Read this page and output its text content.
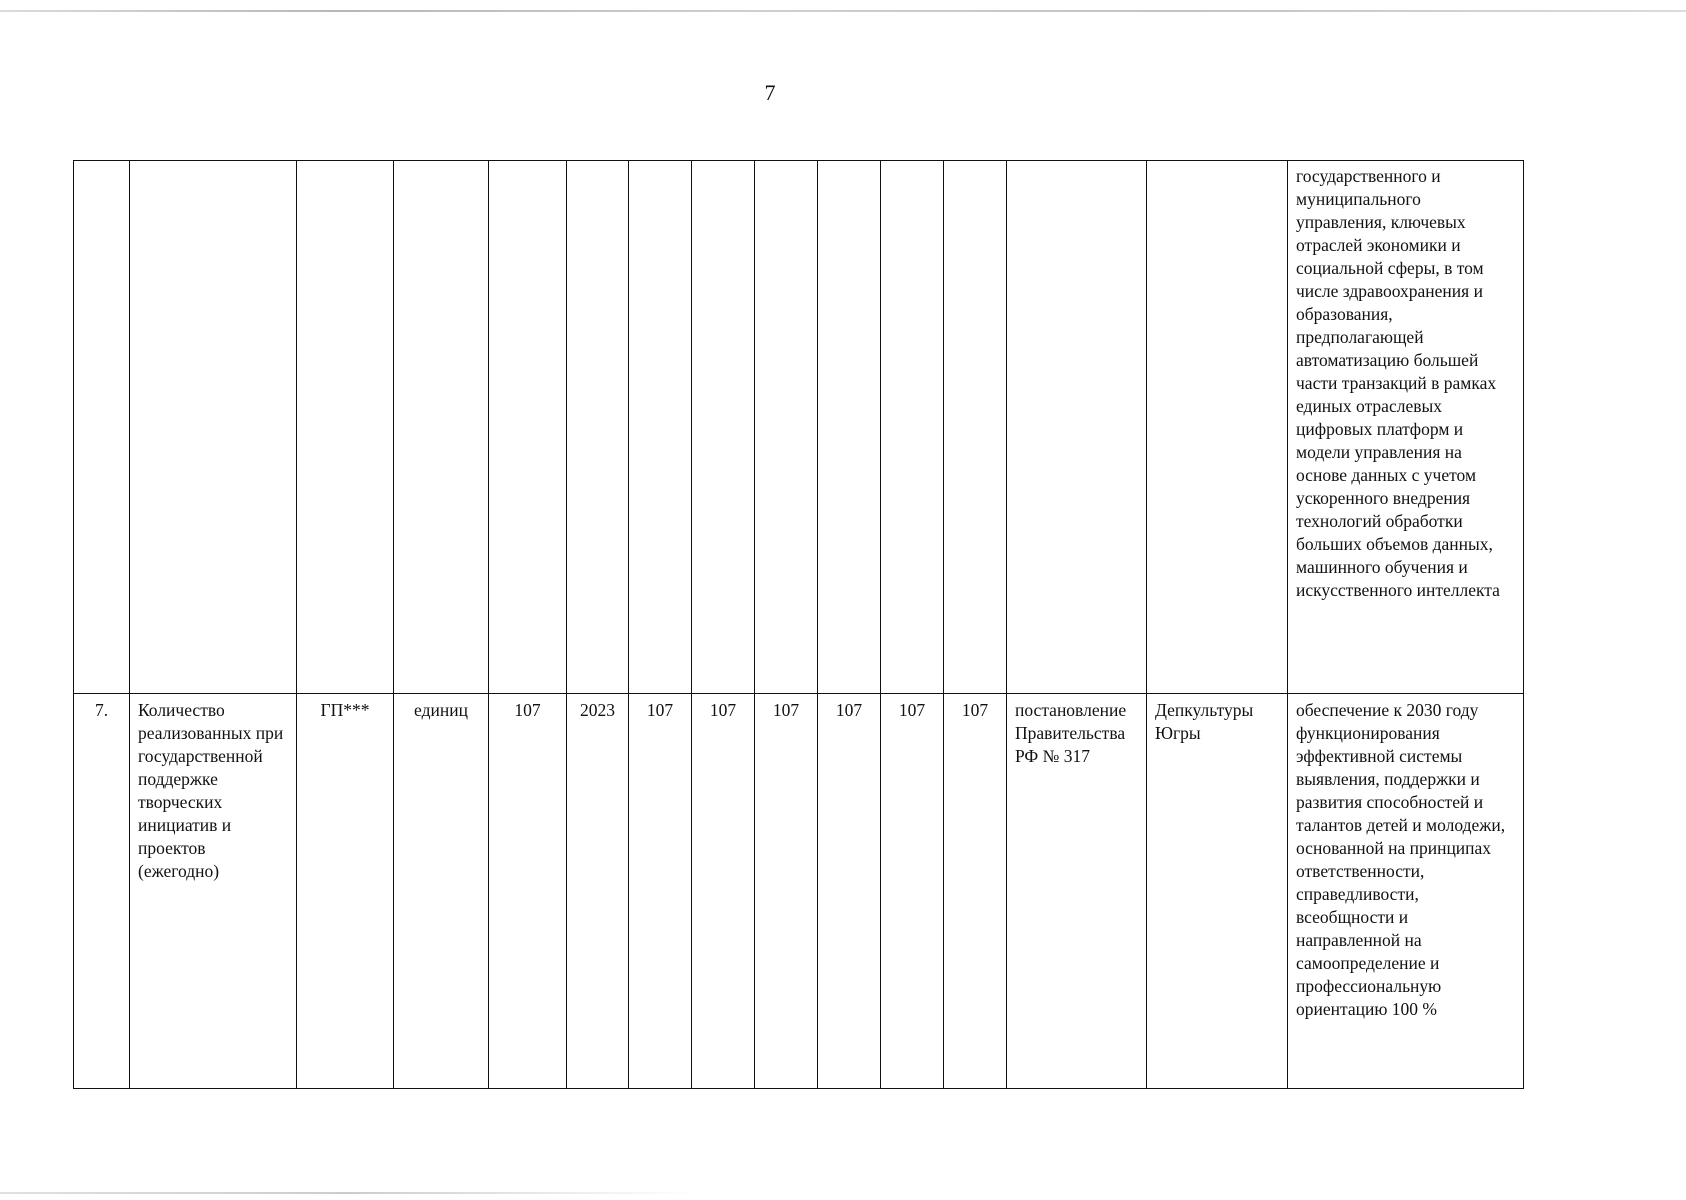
7
														государственного и муниципального управления, ключевых отраслей экономики и социальной сферы, в том числе здравоохранения и образования, предполагающей автоматизацию большей части транзакций в рамках единых отраслевых цифровых платформ и модели управления на основе данных с учетом ускоренного внедрения технологий обработки больших объемов данных, машинного обучения и искусственного интеллекта
7.	Количество реализованных при государственной поддержке творческих инициатив и проектов (ежегодно)	ГП***	единиц	107	2023	107	107	107	107	107	107	постановление Правительства РФ № 317	Депкультуры Югры	обеспечение к 2030 году функционирования эффективной системы выявления, поддержки и развития способностей и талантов детей и молодежи, основанной на принципах ответственности, справедливости, всеобщности и направленной на самоопределение и профессиональную ориентацию 100 %
